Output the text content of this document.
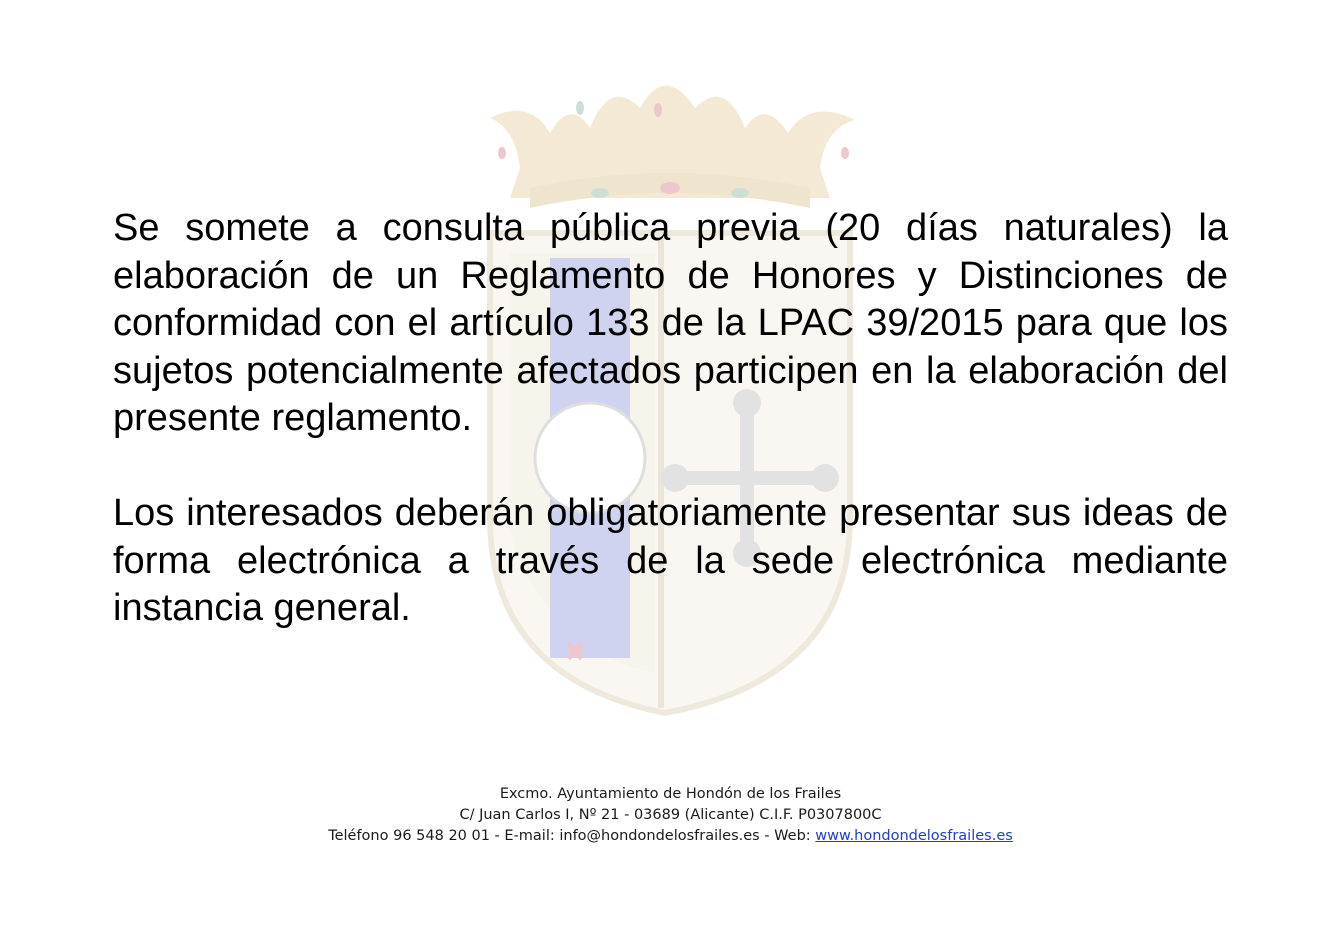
Se somete a consulta pública previa (20 días naturales) la elaboración de un Reglamento de Honores y Distinciones de conformidad con el artículo 133 de la LPAC 39/2015 para que los sujetos potencialmente afectados participen en la elaboración del presente reglamento.

Los interesados deberán obligatoriamente presentar sus ideas de forma electrónica a través de la sede electrónica mediante instancia general.

Excmo. Ayuntamiento de Hondón de los Frailes
C/ Juan Carlos I, Nº 21 - 03689 (Alicante) C.I.F. P0307800C
Teléfono 96 548 20 01 - E-mail: info@hondondelosfrailes.es - Web: www.hondondelosfrailes.es
